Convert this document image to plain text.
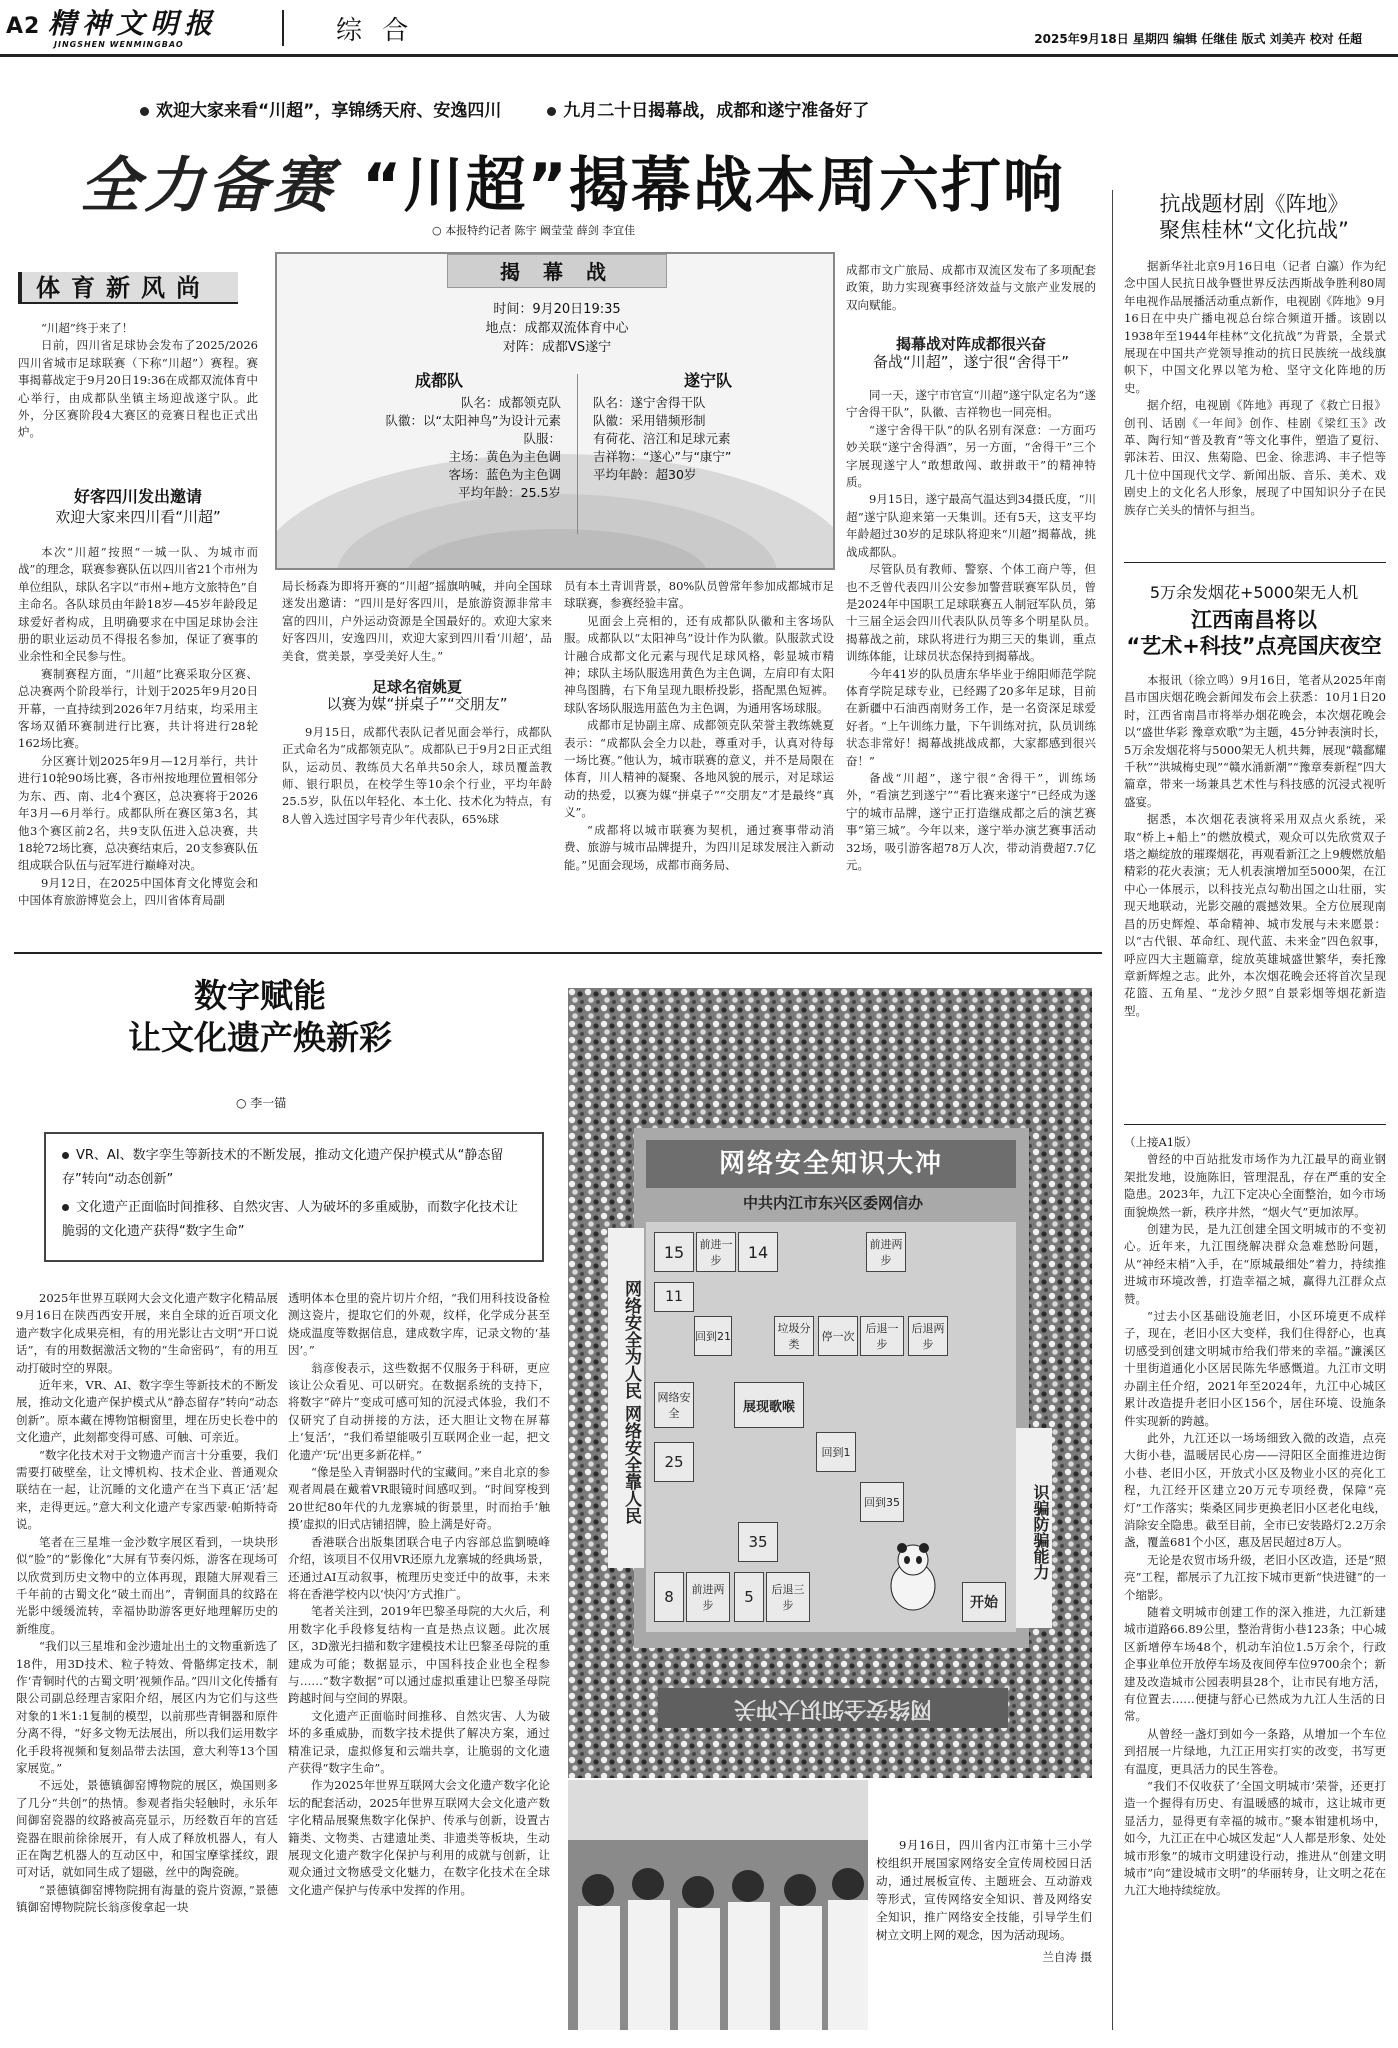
A2 精神文明报
JINGSHEN WENMINGBAO	综 合	2025年9月18日 星期四 编辑 任继佳 版式 刘美卉 校对 任超
欢迎大家来看“川超”，享锦绣天府、安逸四川	九月二十日揭幕战，成都和遂宁准备好了
全力备赛 “川超”揭幕战本周六打响
○ 本报特约记者 陈宇 阚莹莹 薛剑 李宜佳
体育新风尚

“川超”终于来了！

日前，四川省足球协会发布了2025/2026四川省城市足球联赛（下称“川超”）赛程。赛事揭幕战定于9月20日19:36在成都双流体育中心举行，由成都队坐镇主场迎战遂宁队。此外，分区赛阶段4大赛区的竞赛日程也正式出炉。

好客四川发出邀请
欢迎大家来四川看“川超”

本次“川超”按照“一城一队、为城市而战”的理念，联赛参赛队伍以四川省21个市州为单位组队，球队名字以“市州+地方文旅特色”自主命名。各队球员由年龄18岁—45岁年龄段足球爱好者构成，且明确要求在中国足球协会注册的职业运动员不得报名参加，保证了赛事的业余性和全民参与性。

赛制赛程方面，“川超”比赛采取分区赛、总决赛两个阶段举行，计划于2025年9月20日开幕，一直持续到2026年7月结束，均采用主客场双循环赛制进行比赛，共计将进行28轮162场比赛。

分区赛计划2025年9月—12月举行，共计进行10轮90场比赛，各市州按地理位置相邻分为东、西、南、北4个赛区，总决赛将于2026年3月—6月举行。成都队所在赛区第3名，其他3个赛区前2名，共9支队伍进入总决赛，共18轮72场比赛，总决赛结束后，20支参赛队伍组成联合队伍与冠军进行巅峰对决。

9月12日，在2025中国体育文化博览会和中国体育旅游博览会上，四川省体育局副

揭 幕 战
时间：9月20日19:35
地点：成都双流体育中心
对阵：成都VS遂宁
成都队
队名：成都领克队
队徽：以“太阳神鸟”为设计元素
队服：
主场：黄色为主色调
客场：蓝色为主色调
平均年龄：25.5岁
遂宁队
队名：遂宁舍得干队
队徽：采用错频形制
有荷花、涪江和足球元素
吉祥物：“遂心”与“康宁”
平均年龄：超30岁

局长杨森为即将开赛的“川超”摇旗呐喊，并向全国球迷发出邀请：“四川是好客四川，是旅游资源非常丰富的四川，户外运动资源是全国最好的。欢迎大家来好客四川，安逸四川，欢迎大家到四川看‘川超’，品美食，赏美景，享受美好人生。”

足球名宿姚夏
以赛为媒“拼桌子”“交朋友”

9月15日，成都代表队记者见面会举行，成都队正式命名为“成都领克队”。成都队已于9月2日正式组队，运动员、教练员大名单共50余人，球员覆盖教师、银行职员，在校学生等10余个行业，平均年龄25.5岁，队伍以年轻化、本土化、技术化为特点，有8人曾入选过国字号青少年代表队，65%球

员有本土青训背景，80%队员曾常年参加成都城市足球联赛，参赛经验丰富。

见面会上亮相的，还有成都队队徽和主客场队服。成都队以“太阳神鸟”设计作为队徽。队服款式设计融合成都文化元素与现代足球风格，彰显城市精神；球队主场队服选用黄色为主色调，左肩印有太阳神鸟图腾，右下角呈现九眼桥投影，搭配黑色短裤。球队客场队服选用蓝色为主色调，为通用客场球服。

成都市足协副主席、成都领克队荣誉主教练姚夏表示：“成都队会全力以赴，尊重对手，认真对待每一场比赛。”他认为，城市联赛的意义，并不是局限在体育，川人精神的凝聚、各地风貌的展示，对足球运动的热爱，以赛为媒“拼桌子”“交朋友”才是最终“真义”。

“成都将以城市联赛为契机，通过赛事带动消费、旅游与城市品牌提升，为四川足球发展注入新动能。”见面会现场，成都市商务局、

成都市文广旅局、成都市双流区发布了多项配套政策，助力实现赛事经济效益与文旅产业发展的双向赋能。

揭幕战对阵成都很兴奋
备战“川超”，遂宁很“舍得干”

同一天，遂宁市官宣“川超”遂宁队定名为“遂宁舍得干队”，队徽、吉祥物也一同亮相。

“遂宁舍得干队”的队名别有深意：一方面巧妙关联“遂宁舍得酒”，另一方面，“舍得干”三个字展现遂宁人“敢想敢闯、敢拼敢干”的精神特质。

9月15日，遂宁最高气温达到34摄氏度，“川超”遂宁队迎来第一天集训。还有5天，这支平均年龄超过30岁的足球队将迎来“川超”揭幕战，挑战成都队。

尽管队员有教师、警察、个体工商户等，但也不乏曾代表四川公安参加警营联赛军队员，曾是2024年中国职工足球联赛五人制冠军队员，第十三届全运会四川代表队队员等多个明星队员。揭幕战之前，球队将进行为期三天的集训，重点训练体能，让球员状态保持到揭幕战。

今年41岁的队员唐东华毕业于绵阳师范学院体育学院足球专业，已经踢了20多年足球，目前在新疆中石油西南财务工作，是一名资深足球爱好者。“上午训练力量，下午训练对抗，队员训练状态非常好！揭幕战挑战成都，大家都感到很兴奋！”

备战“川超”，遂宁很“舍得干”，训练场外，“看演艺到遂宁”“看比赛来遂宁”已经成为遂宁的城市品牌，遂宁正打造继成都之后的演艺赛事“第三城”。今年以来，遂宁举办演艺赛事活动32场，吸引游客超78万人次，带动消费超7.7亿元。

抗战题材剧《阵地》
聚焦桂林“文化抗战”

据新华社北京9月16日电（记者 白瀛）作为纪念中国人民抗日战争暨世界反法西斯战争胜利80周年电视作品展播活动重点新作，电视剧《阵地》9月16日在中央广播电视总台综合频道开播。该剧以1938年至1944年桂林“文化抗战”为背景，全景式展现在中国共产党领导推动的抗日民族统一战线旗帜下，中国文化界以笔为枪、坚守文化阵地的历史。

据介绍，电视剧《阵地》再现了《救亡日报》创刊、话剧《一年间》创作、桂剧《梁红玉》改革、陶行知“普及教育”等文化事件，塑造了夏衍、郭沫若、田汉、焦菊隐、巴金、徐悲鸿、丰子恺等几十位中国现代文学、新闻出版、音乐、美术、戏剧史上的文化名人形象，展现了中国知识分子在民族存亡关头的情怀与担当。

5万余发烟花+5000架无人机
江西南昌将以
“艺术+科技”点亮国庆夜空

本报讯（徐立鸣）9月16日，笔者从2025年南昌市国庆烟花晚会新闻发布会上获悉：10月1日20时，江西省南昌市将举办烟花晚会，本次烟花晚会以“盛世华彩 豫章欢歌”为主题，45分钟表演时长，5万余发烟花将与5000架无人机共舞，展现“赣鄱耀千秋”“洪城梅史现”“赣水涌新潮”“豫章奏新程”四大篇章，带来一场兼具艺术性与科技感的沉浸式视听盛宴。

据悉，本次烟花表演将采用双点火系统，采取“桥上+船上”的燃放模式，观众可以先欣赏双子塔之巅绽放的璀璨烟花，再观看新江之上9艘燃放船精彩的花火表演；无人机表演增加至5000架，在江中心一体展示，以科技光点勾勒出国之山壮丽，实现天地联动，光影交融的震撼效果。全方位展现南昌的历史辉煌、革命精神、城市发展与未来愿景：以“古代银、革命红、现代蓝、未来金”四色叙事，呼应四大主题篇章，绽放英雄城盛世繁华，奏托豫章新辉煌之志。此外，本次烟花晚会还将首次呈现花篮、五角星、“龙沙夕照”自景彩烟等烟花新造型。

（上接A1版）

曾经的中百站批发市场作为九江最早的商业钢架批发地，设施陈旧，管理混乱，存在严重的安全隐患。2023年，九江下定决心全面整治，如今市场面貌焕然一新，秩序井然，“烟火气”更加浓厚。

创建为民，是九江创建全国文明城市的不变初心。近年来，九江围绕解决群众急难愁盼问题，从“神经末梢”入手，在“原城最细处”着力，持续推进城市环境改善，打造幸福之城，赢得九江群众点赞。

“过去小区基础设施老旧，小区环境更不成样子，现在，老旧小区大变样，我们住得舒心，也真切感受到创建文明城市给我们带来的幸福。”濂溪区十里街道通化小区居民陈先华感慨道。九江市文明办副主任介绍，2021年至2024年，九江中心城区累计改造提升老旧小区156个，居住环境、设施条件实现新的跨越。

此外，九江还以一场场细致入微的改造，点亮大街小巷，温暖居民心房——浔阳区全面推进边街小巷、老旧小区，开放式小区及物业小区的亮化工程，九江经开区建立20万元专项经费，保障“亮灯”工作落实；柴桑区同步更换老旧小区老化电线，消除安全隐患。截至目前，全市已安装路灯2.2万余盏，覆盖681个小区，惠及居民超过8万人。

无论是农贸市场升级，老旧小区改造，还是“照亮”工程，都展示了九江按下城市更新“快进键”的一个缩影。

随着文明城市创建工作的深入推进，九江新建城市道路66.89公里，整治背街小巷123条；中心城区新增停车场48个，机动车泊位1.5万余个，行政企事业单位开放停车场及夜间停车位9700余个；新建及改造城市公园表明县28个，让市民有地方活，有位置去……便捷与舒心已然成为九江人生活的日常。

从曾经一盏灯到如今一条路，从增加一个车位到招展一片绿地，九江正用实打实的改变，书写更有温度，更具活力的民生答卷。

“我们不仅收获了‘全国文明城市’荣誉，还更打造一个握得有历史、有温暖感的城市，这让城市更显活力，显得更有幸福的城市。”聚本钳建机场中，如今，九江正在中心城区发起“人人都是形象、处处城市形象”的城市文明建设行动，推进从“创建文明城市”向“建设城市文明”的华丽转身，让文明之花在九江大地持续绽放。

数字赋能
让文化遗产焕新彩
○ 李一锚
VR、AI、数字孪生等新技术的不断发展，推动文化遗产保护模式从“静态留存”转向“动态创新”
文化遗产正面临时间推移、自然灾害、人为破坏的多重威胁，而数字化技术让脆弱的文化遗产获得“数字生命”

2025年世界互联网大会文化遗产数字化精品展9月16日在陕西西安开展，来自全球的近百项文化遗产数字化成果亮相，有的用光影让古文明“开口说话”，有的用数据激活文物的“生命密码”，有的用互动打破时空的界限。

近年来，VR、AI、数字孪生等新技术的不断发展，推动文化遗产保护模式从“静态留存”转向“动态创新”。原本藏在博物馆橱窗里，埋在历史长卷中的文化遗产，此刻都变得可感、可触、可亲近。

“数字化技术对于文物遗产而言十分重要，我们需要打破壁垒，让文博机构、技术企业、普通观众联结在一起，让沉睡的文化遗产在当下真正‘活’起来，走得更远。”意大利文化遗产专家西蒙·帕斯特奇说。

笔者在三星堆一金沙数字展区看到，一块块形似“脸”的“影像化”大屏有节奏闪烁，游客在现场可以欣赏到历史文物中的立体再现，跟随大屏观看三千年前的古蜀文化“破土而出”，青铜面具的纹路在光影中缓缓流转，幸福协助游客更好地理解历史的新维度。

“我们以三星堆和金沙遗址出土的文物重新选了18件，用3D技术、粒子特效、骨骼绑定技术，制作‘青铜时代的古蜀文明’视频作品。”四川文化传播有限公司副总经理吉家阳介绍，展区内为它们与这些对象的1米1:1复制的模型，以前那些青铜器和原件分离不得，“好多文物无法展出，所以我们运用数字化手段将视频和复刻品带去法国，意大利等13个国家展览。”

不远处，景德镇御窑博物院的展区，焕国则多了几分“共创”的热情。参观者指尖轻触时，永乐年间御窑瓷器的纹路被高亮显示，历经数百年的宫廷瓷器在眼前徐徐展开，有人成了释放机器人，有人正在陶艺机器人的互动区中，和国宝摩挲揉纹，跟可对话，就如同生成了翅磁，丝中的陶瓷碗。

“景德镇御窑博物院拥有海量的瓷片资源，”景德镇御窑博物院院长翁彦俊拿起一块

透明体本仓里的瓷片切片介绍，“我们用科技设备检测这瓷片，提取它们的外观，纹样，化学成分甚至烧成温度等数据信息，建成数字库，记录文物的‘基因’。”

翁彦俊表示，这些数据不仅服务于科研，更应该让公众看见、可以研究。在数据系统的支持下，将数字“碎片”变成可感可知的沉浸式体验，我们不仅研究了自动拼接的方法，还大胆让文物在屏幕上‘复活’，“我们希望能吸引互联网企业一起，把文化遗产‘玩’出更多新花样。”

“像是坠入青铜器时代的宝藏间。”来自北京的参观者周晨在戴着VR眼镜时间感叹到。“时间穿梭到20世纪80年代的九龙寨城的街景里，时而抬手‘触摸’虚拟的旧式店铺招牌，脸上满是好奇。

香港联合出版集团联合电子内容部总监劉曉峰介绍，该项目不仅用VR还原九龙寨城的经典场景，还通过AI互动叙事，梳理历史变迁中的故事，未来将在香港学校内以‘快闪’方式推广。

笔者关注到，2019年巴黎圣母院的大火后，利用数字化手段修复结构一直是热点议题。此次展区，3D激光扫描和数字建模技术让巴黎圣母院的重建成为可能；数据显示，中国科技企业也全程参与……“数字数据”可以通过虚拟重建让巴黎圣母院跨越时间与空间的界限。

文化遗产正面临时间推移、自然灾害、人为破坏的多重威胁，而数字技术提供了解决方案，通过精准记录，虚拟修复和云端共享，让脆弱的文化遗产获得“数字生命”。

作为2025年世界互联网大会文化遗产数字化论坛的配套活动，2025年世界互联网大会文化遗产数字化精品展聚焦数字化保护、传承与创新，设置古籍类、文物类、古建遗址类、非遗类等板块，生动展现文化遗产数字化保护与利用的成就与创新，让观众通过文物感受文化魅力，在数字化技术在全球文化遗产保护与传承中发挥的作用。

网络安全知识大冲
中共内江市东兴区委网信办
网络安全为人民 网络安全靠人民
识骗防骗能力
15	前进一步	14	前进两步
展现歌喉
回到21
垃圾分类
后退一步
停一次
后退两步
网络安全
回到1
11
回到35
25
35
开始
8	前进两步	5	后退三步
网络安全知识大冲关
9月16日，四川省内江市第十三小学校组织开展国家网络安全宣传周校园日活动，通过展板宣传、主题班会、互动游戏等形式，宣传网络安全知识、普及网络安全知识，推广网络安全技能，引导学生们树立文明上网的观念，因为活动现场。
兰自涛 摄
